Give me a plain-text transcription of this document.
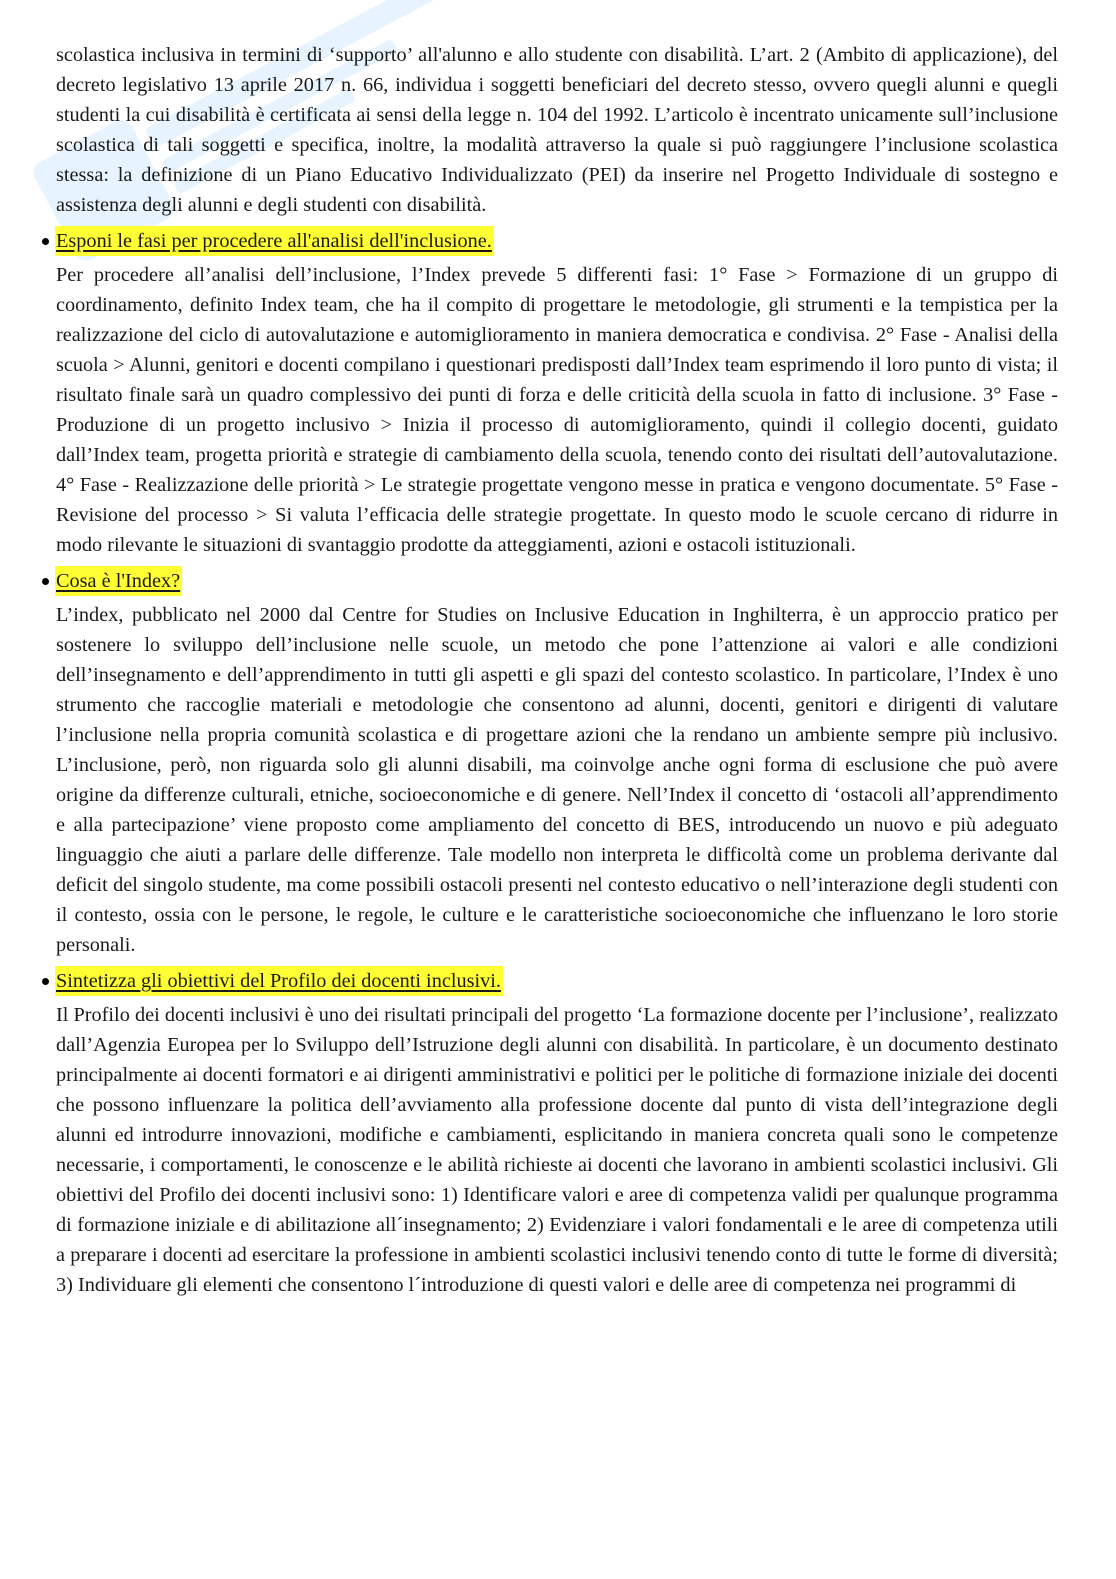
scolastica inclusiva in termini di ‘supporto’ all'alunno e allo studente con disabilità. L’art. 2 (Ambito di applicazione), del decreto legislativo 13 aprile 2017 n. 66, individua i soggetti beneficiari del decreto stesso, ovvero quegli alunni e quegli studenti la cui disabilità è certificata ai sensi della legge n. 104 del 1992. L’articolo è incentrato unicamente sull’inclusione scolastica di tali soggetti e specifica, inoltre, la modalità attraverso la quale si può raggiungere l’inclusione scolastica stessa: la definizione di un Piano Educativo Individualizzato (PEI) da inserire nel Progetto Individuale di sostegno e assistenza degli alunni e degli studenti con disabilità.

Esponi le fasi per procedere all'analisi dell'inclusione.

Per procedere all’analisi dell’inclusione, l’Index prevede 5 differenti fasi: 1° Fase > Formazione di un gruppo di coordinamento, definito Index team, che ha il compito di progettare le metodologie, gli strumenti e la tempistica per la realizzazione del ciclo di autovalutazione e automiglioramento in maniera democratica e condivisa. 2° Fase - Analisi della scuola > Alunni, genitori e docenti compilano i questionari predisposti dall’Index team esprimendo il loro punto di vista; il risultato finale sarà un quadro complessivo dei punti di forza e delle criticità della scuola in fatto di inclusione. 3° Fase - Produzione di un progetto inclusivo > Inizia il processo di automiglioramento, quindi il collegio docenti, guidato dall’Index team, progetta priorità e strategie di cambiamento della scuola, tenendo conto dei risultati dell’autovalutazione. 4° Fase - Realizzazione delle priorità > Le strategie progettate vengono messe in pratica e vengono documentate. 5° Fase - Revisione del processo > Si valuta l’efficacia delle strategie progettate. In questo modo le scuole cercano di ridurre in modo rilevante le situazioni di svantaggio prodotte da atteggiamenti, azioni e ostacoli istituzionali.

Cosa è l'Index?

L’index, pubblicato nel 2000 dal Centre for Studies on Inclusive Education in Inghilterra, è un approccio pratico per sostenere lo sviluppo dell’inclusione nelle scuole, un metodo che pone l’attenzione ai valori e alle condizioni dell’insegnamento e dell’apprendimento in tutti gli aspetti e gli spazi del contesto scolastico. In particolare, l’Index è uno strumento che raccoglie materiali e metodologie che consentono ad alunni, docenti, genitori e dirigenti di valutare l’inclusione nella propria comunità scolastica e di progettare azioni che la rendano un ambiente sempre più inclusivo. L’inclusione, però, non riguarda solo gli alunni disabili, ma coinvolge anche ogni forma di esclusione che può avere origine da differenze culturali, etniche, socioeconomiche e di genere. Nell’Index il concetto di ‘ostacoli all’apprendimento e alla partecipazione’ viene proposto come ampliamento del concetto di BES, introducendo un nuovo e più adeguato linguaggio che aiuti a parlare delle differenze. Tale modello non interpreta le difficoltà come un problema derivante dal deficit del singolo studente, ma come possibili ostacoli presenti nel contesto educativo o nell’interazione degli studenti con il contesto, ossia con le persone, le regole, le culture e le caratteristiche socioeconomiche che influenzano le loro storie personali.

Sintetizza gli obiettivi del Profilo dei docenti inclusivi.

Il Profilo dei docenti inclusivi è uno dei risultati principali del progetto ‘La formazione docente per l’inclusione’, realizzato dall’Agenzia Europea per lo Sviluppo dell’Istruzione degli alunni con disabilità. In particolare, è un documento destinato principalmente ai docenti formatori e ai dirigenti amministrativi e politici per le politiche di formazione iniziale dei docenti che possono influenzare la politica dell’avviamento alla professione docente dal punto di vista dell’integrazione degli alunni ed introdurre innovazioni, modifiche e cambiamenti, esplicitando in maniera concreta quali sono le competenze necessarie, i comportamenti, le conoscenze e le abilità richieste ai docenti che lavorano in ambienti scolastici inclusivi. Gli obiettivi del Profilo dei docenti inclusivi sono: 1) Identificare valori e aree di competenza validi per qualunque programma di formazione iniziale e di abilitazione all´insegnamento; 2) Evidenziare i valori fondamentali e le aree di competenza utili a preparare i docenti ad esercitare la professione in ambienti scolastici inclusivi tenendo conto di tutte le forme di diversità; 3) Individuare gli elementi che consentono l´introduzione di questi valori e delle aree di competenza nei programmi di
